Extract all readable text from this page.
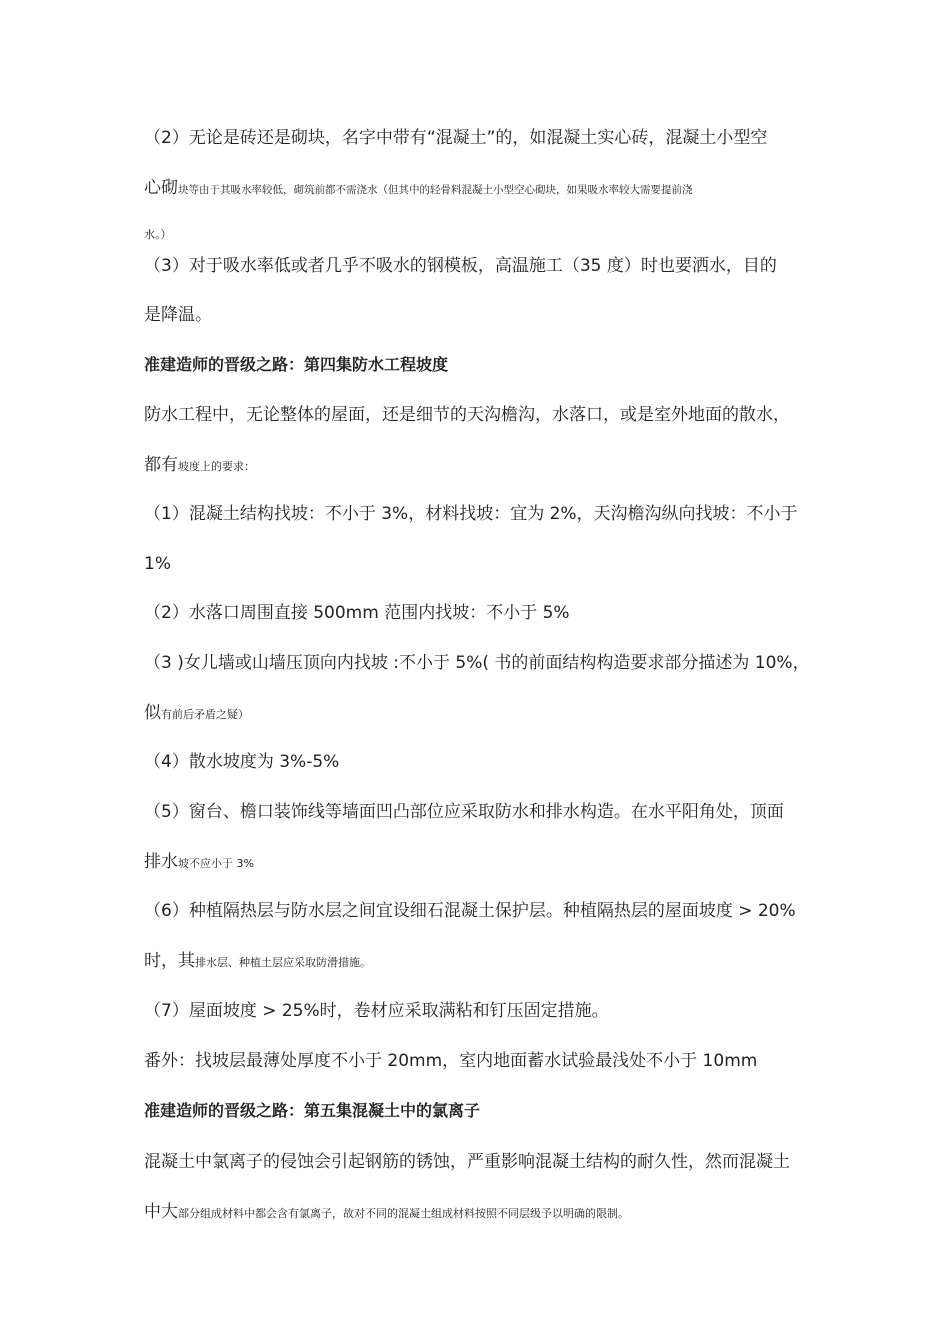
（2）无论是砖还是砌块，名字中带有“混凝土”的，如混凝土实心砖，混凝土小型空
心砌块等由于其吸水率较低，砌筑前都不需浇水（但其中的轻骨料混凝土小型空心砌块，如果吸水率较大需要提前浇
水。）
（3）对于吸水率低或者几乎不吸水的钢模板，高温施工（35 度）时也要洒水，目的
是降温。
准建造师的晋级之路：第四集防水工程坡度
防水工程中，无论整体的屋面，还是细节的天沟檐沟，水落口，或是室外地面的散水，
都有坡度上的要求：
（1）混凝土结构找坡：不小于 3%，材料找坡：宜为 2%，天沟檐沟纵向找坡：不小于
1%
（2）水落口周围直接 500mm 范围内找坡：不小于 5%
（3 )女儿墙或山墙压顶向内找坡 :不小于 5%( 书的前面结构构造要求部分描述为 10%，
似有前后矛盾之疑）
（4）散水坡度为 3%-5%
（5）窗台、檐口装饰线等墙面凹凸部位应采取防水和排水构造。在水平阳角处，顶面
排水坡不应小于 3%
（6）种植隔热层与防水层之间宜设细石混凝土保护层。种植隔热层的屋面坡度 > 20%
时，其排水层、种植土层应采取防滑措施。
（7）屋面坡度 > 25%时，卷材应采取满粘和钉压固定措施。
番外：找坡层最薄处厚度不小于 20mm，室内地面蓄水试验最浅处不小于 10mm
准建造师的晋级之路：第五集混凝土中的氯离子
混凝土中氯离子的侵蚀会引起钢筋的锈蚀，严重影响混凝土结构的耐久性，然而混凝土
中大部分组成材料中都会含有氯离子，故对不同的混凝土组成材料按照不同层级予以明确的限制。
